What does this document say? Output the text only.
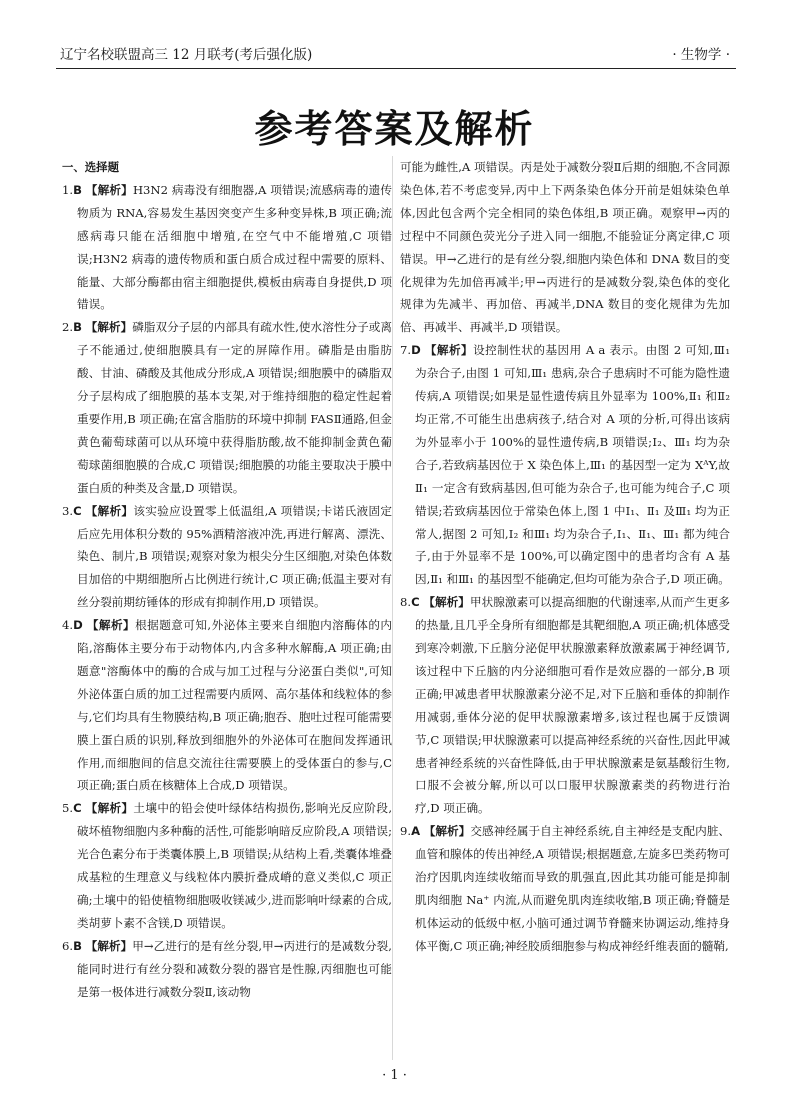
辽宁名校联盟高三 12 月联考(考后强化版)	· 生物学 ·
参考答案及解析
一、选择题

1.B 【解析】H3N2 病毒没有细胞器,A 项错误;流感病毒的遗传物质为 RNA,容易发生基因突变产生多种变异株,B 项正确;流感病毒只能在活细胞中增殖,在空气中不能增殖,C 项错误;H3N2 病毒的遗传物质和蛋白质合成过程中需要的原料、能量、大部分酶都由宿主细胞提供,模板由病毒自身提供,D 项错误。

2.B 【解析】磷脂双分子层的内部具有疏水性,使水溶性分子或离子不能通过,使细胞膜具有一定的屏障作用。磷脂是由脂肪酸、甘油、磷酸及其他成分形成,A 项错误;细胞膜中的磷脂双分子层构成了细胞膜的基本支架,对于维持细胞的稳定性起着重要作用,B 项正确;在富含脂肪的环境中抑制 FASⅡ通路,但金黄色葡萄球菌可以从环境中获得脂肪酸,故不能抑制金黄色葡萄球菌细胞膜的合成,C 项错误;细胞膜的功能主要取决于膜中蛋白质的种类及含量,D 项错误。

3.C 【解析】该实验应设置零上低温组,A 项错误;卡诺氏液固定后应先用体积分数的 95%酒精溶液冲洗,再进行解离、漂洗、染色、制片,B 项错误;观察对象为根尖分生区细胞,对染色体数目加倍的中期细胞所占比例进行统计,C 项正确;低温主要对有丝分裂前期纺锤体的形成有抑制作用,D 项错误。

4.D 【解析】根据题意可知,外泌体主要来自细胞内溶酶体的内陷,溶酶体主要分布于动物体内,内含多种水解酶,A 项正确;由题意"溶酶体中的酶的合成与加工过程与分泌蛋白类似",可知外泌体蛋白质的加工过程需要内质网、高尔基体和线粒体的参与,它们均具有生物膜结构,B 项正确;胞吞、胞吐过程可能需要膜上蛋白质的识别,释放到细胞外的外泌体可在胞间发挥通讯作用,而细胞间的信息交流往往需要膜上的受体蛋白的参与,C 项正确;蛋白质在核糖体上合成,D 项错误。

5.C 【解析】土壤中的铅会使叶绿体结构损伤,影响光反应阶段,破坏植物细胞内多种酶的活性,可能影响暗反应阶段,A 项错误;光合色素分布于类囊体膜上,B 项错误;从结构上看,类囊体堆叠成基粒的生理意义与线粒体内膜折叠成嵴的意义类似,C 项正确;土壤中的铅使植物细胞吸收镁减少,进而影响叶绿素的合成,类胡萝卜素不含镁,D 项错误。

6.B 【解析】甲→乙进行的是有丝分裂,甲→丙进行的是减数分裂,能同时进行有丝分裂和减数分裂的器官是性腺,丙细胞也可能是第一极体进行减数分裂Ⅱ,该动物

可能为雌性,A 项错误。丙是处于减数分裂Ⅱ后期的细胞,不含同源染色体,若不考虑变异,丙中上下两条染色体分开前是姐妹染色单体,因此包含两个完全相同的染色体组,B 项正确。观察甲→丙的过程中不同颜色荧光分子进入同一细胞,不能验证分离定律,C 项错误。甲→乙进行的是有丝分裂,细胞内染色体和 DNA 数目的变化规律为先加倍再减半;甲→丙进行的是减数分裂,染色体的变化规律为先减半、再加倍、再减半,DNA 数目的变化规律为先加倍、再减半、再减半,D 项错误。

7.D 【解析】设控制性状的基因用 A a 表示。由图 2 可知,Ⅲ₁ 为杂合子,由图 1 可知,Ⅲ₁ 患病,杂合子患病时不可能为隐性遗传病,A 项错误;如果是显性遗传病且外显率为 100%,Ⅱ₁ 和Ⅱ₂ 均正常,不可能生出患病孩子,结合对 A 项的分析,可得出该病为外显率小于 100%的显性遗传病,B 项错误;Ⅰ₂、Ⅲ₁ 均为杂合子,若致病基因位于 X 染色体上,Ⅲ₁ 的基因型一定为 XᴬY,故Ⅱ₁ 一定含有致病基因,但可能为杂合子,也可能为纯合子,C 项错误;若致病基因位于常染色体上,图 1 中Ⅰ₁、Ⅱ₁ 及Ⅲ₁ 均为正常人,据图 2 可知,Ⅰ₂ 和Ⅲ₁ 均为杂合子,Ⅰ₁、Ⅱ₁、Ⅲ₁ 都为纯合子,由于外显率不是 100%,可以确定图中的患者均含有 A 基因,Ⅱ₁ 和Ⅲ₁ 的基因型不能确定,但均可能为杂合子,D 项正确。

8.C 【解析】甲状腺激素可以提高细胞的代谢速率,从而产生更多的热量,且几乎全身所有细胞都是其靶细胞,A 项正确;机体感受到寒冷刺激,下丘脑分泌促甲状腺激素释放激素属于神经调节,该过程中下丘脑的内分泌细胞可看作是效应器的一部分,B 项正确;甲减患者甲状腺激素分泌不足,对下丘脑和垂体的抑制作用减弱,垂体分泌的促甲状腺激素增多,该过程也属于反馈调节,C 项错误;甲状腺激素可以提高神经系统的兴奋性,因此甲减患者神经系统的兴奋性降低,由于甲状腺激素是氨基酸衍生物,口服不会被分解,所以可以口服甲状腺激素类的药物进行治疗,D 项正确。

9.A 【解析】交感神经属于自主神经系统,自主神经是支配内脏、血管和腺体的传出神经,A 项错误;根据题意,左旋多巴类药物可治疗因肌肉连续收缩而导致的肌强直,因此其功能可能是抑制肌肉细胞 Na⁺ 内流,从而避免肌肉连续收缩,B 项正确;脊髓是机体运动的低级中枢,小脑可通过调节脊髓来协调运动,维持身体平衡,C 项正确;神经胶质细胞参与构成神经纤维表面的髓鞘,

· 1 ·
